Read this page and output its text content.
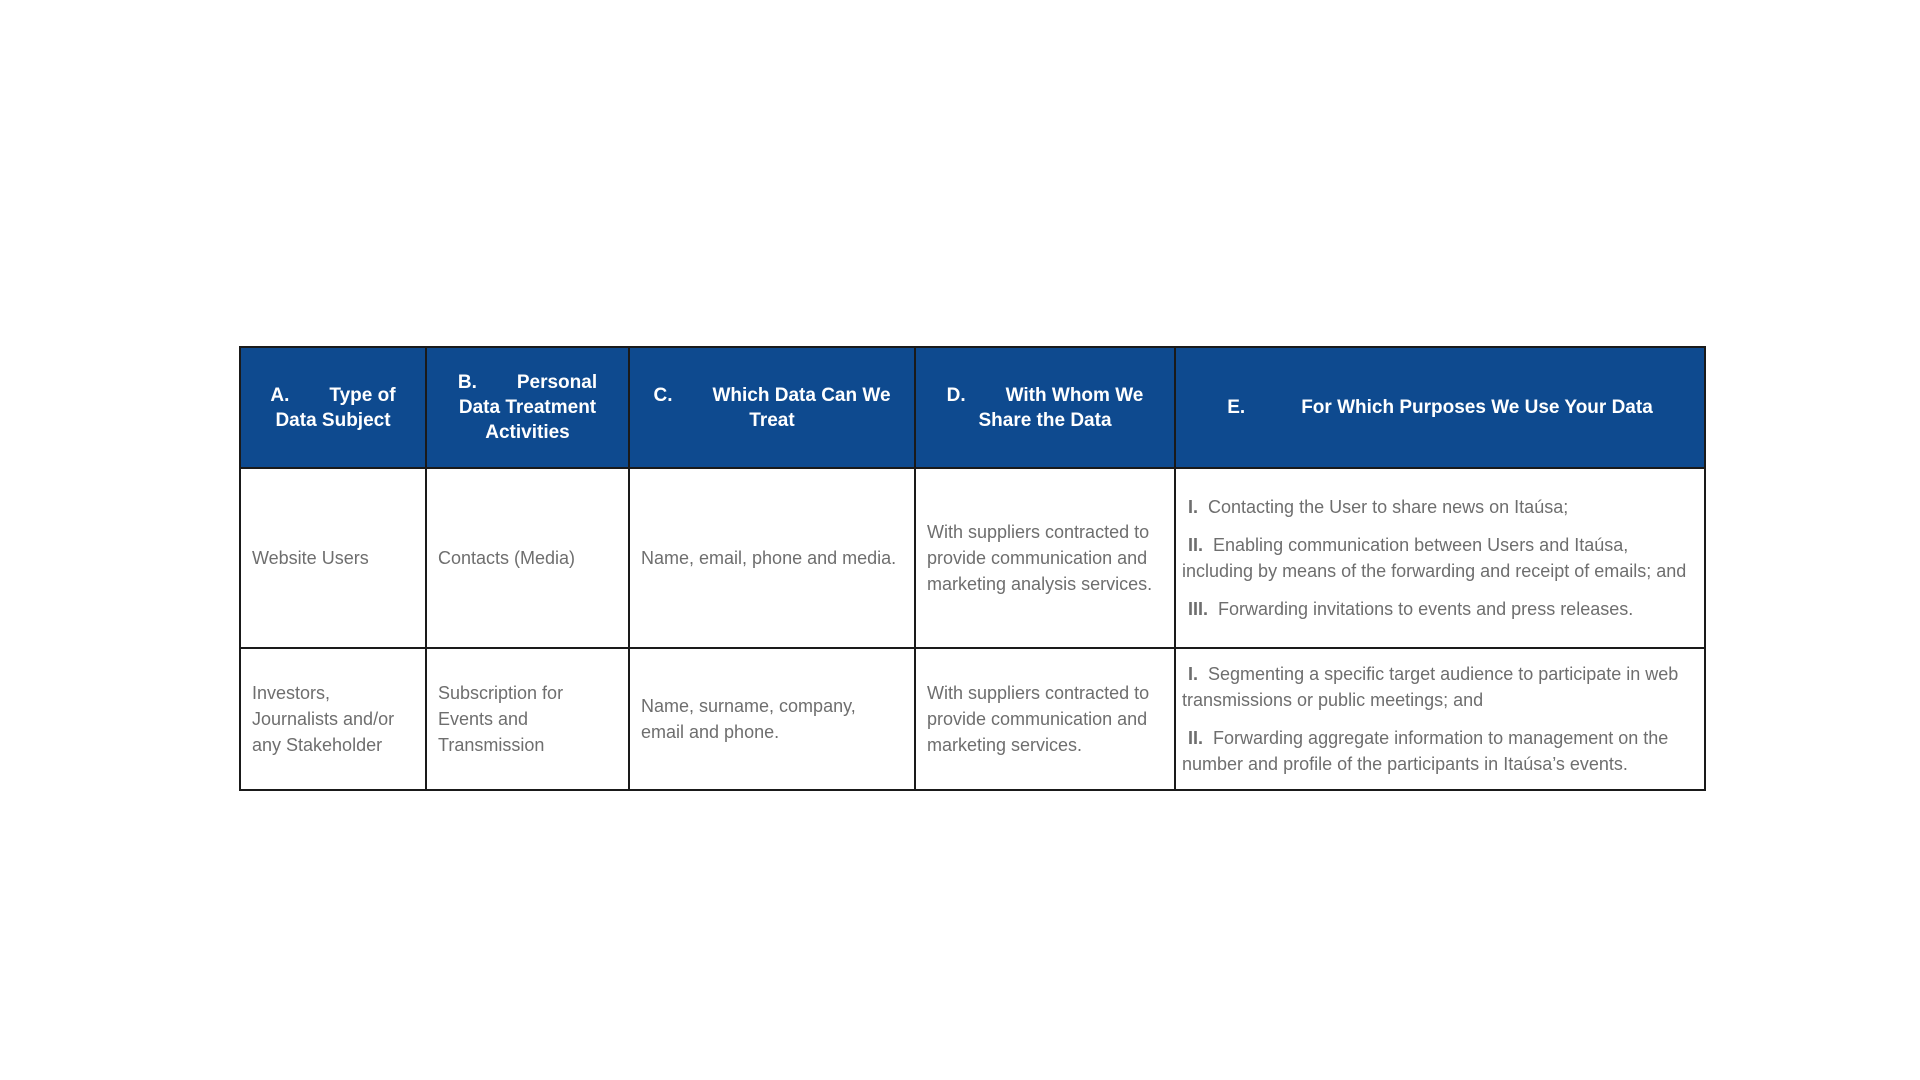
A. Type of Data Subject	B. Personal Data Treatment Activities	C. Which Data Can We Treat	D. With Whom We Share the Data	E. For Which Purposes We Use Your Data
Website Users	Contacts (Media)	Name, email, phone and media.	With suppliers contracted to provide communication and marketing analysis services.	I. Contacting the User to share news on Itaúsa;

II. Enabling communication between Users and Itaúsa, including by means of the forwarding and receipt of emails; and

III. Forwarding invitations to events and press releases.

Investors, Journalists and/or any Stakeholder	Subscription for Events and Transmission	Name, surname, company, email and phone.	With suppliers contracted to provide communication and marketing services.	I. Segmenting a specific target audience to participate in web transmissions or public meetings; and

II. Forwarding aggregate information to management on the number and profile of the participants in Itaúsa’s events.
